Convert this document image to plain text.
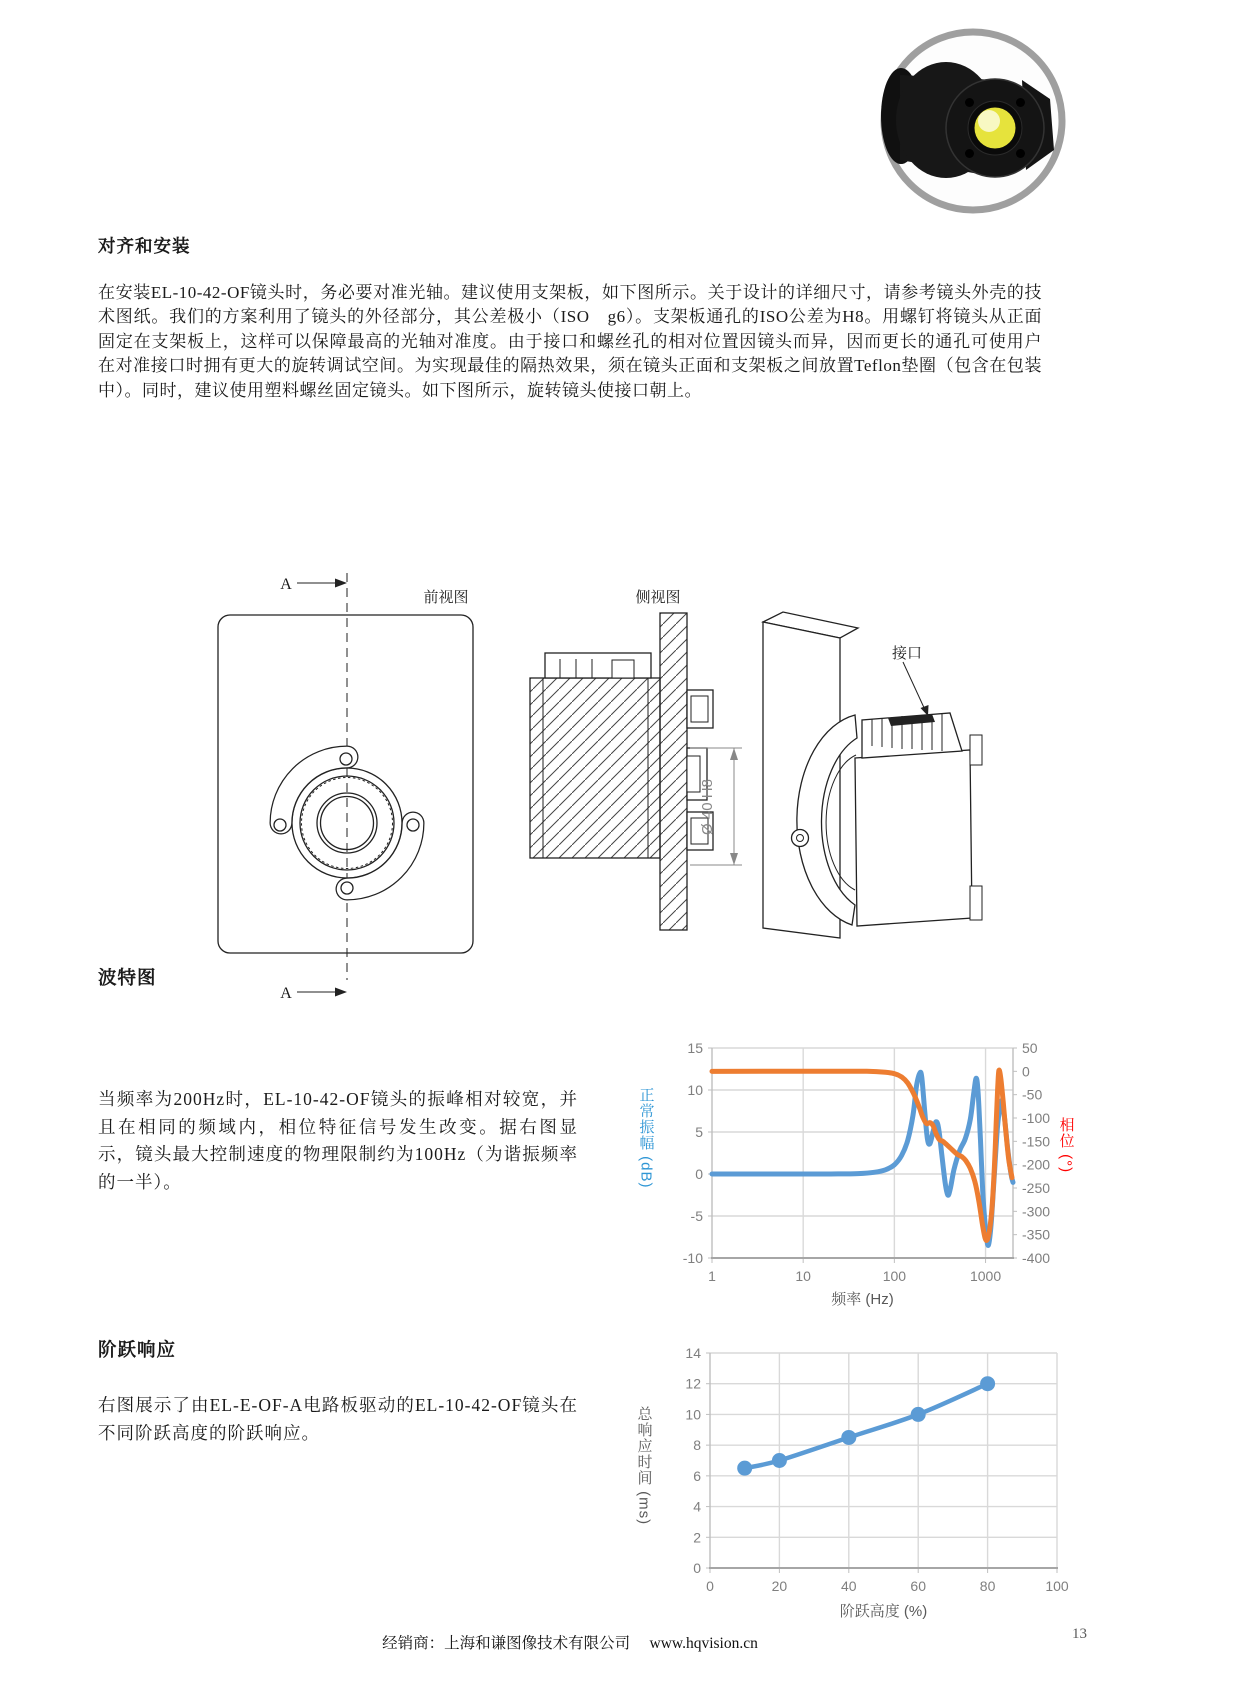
对齐和安装
在安装EL-10-42-OF镜头时，务必要对准光轴。建议使用支架板，如下图所示。关于设计的详细尺寸，请参考镜头外壳的技术图纸。我们的方案利用了镜头的外径部分，其公差极小（ISO　g6）。支架板通孔的ISO公差为H8。用螺钉将镜头从正面固定在支架板上，这样可以保障最高的光轴对准度。由于接口和螺丝孔的相对位置因镜头而异，因而更长的通孔可使用户在对准接口时拥有更大的旋转调试空间。为实现最佳的隔热效果，须在镜头正面和支架板之间放置Teflon垫圈（包含在包装中）。同时，建议使用塑料螺丝固定镜头。如下图所示，旋转镜头使接口朝上。
前视图	侧视图
接口
A
A
Ø 40 H8
波特图
当频率为200Hz时，EL-10-42-OF镜头的振峰相对较宽，并且在相同的频域内，相位特征信号发生改变。据右图显示，镜头最大控制速度的物理限制约为100Hz（为谐振频率的一半）。
15
10
5
0
-5
-10
1	10	100	1000
50
0
-50
-100
-150
-200
-250
-300
-350
-400
正常振幅 (dB)	相位 (°)
频率 (Hz)
阶跃响应
右图展示了由EL-E-OF-A电路板驱动的EL-10-42-OF镜头在不同阶跃高度的阶跃响应。
0
2
4
6
8
10
12
14
0	20	40	60	80	100
总响应时间 (ms)
阶跃高度 (%)
经销商：上海和谦图像技术有限公司　 www.hqvision.cn
13
